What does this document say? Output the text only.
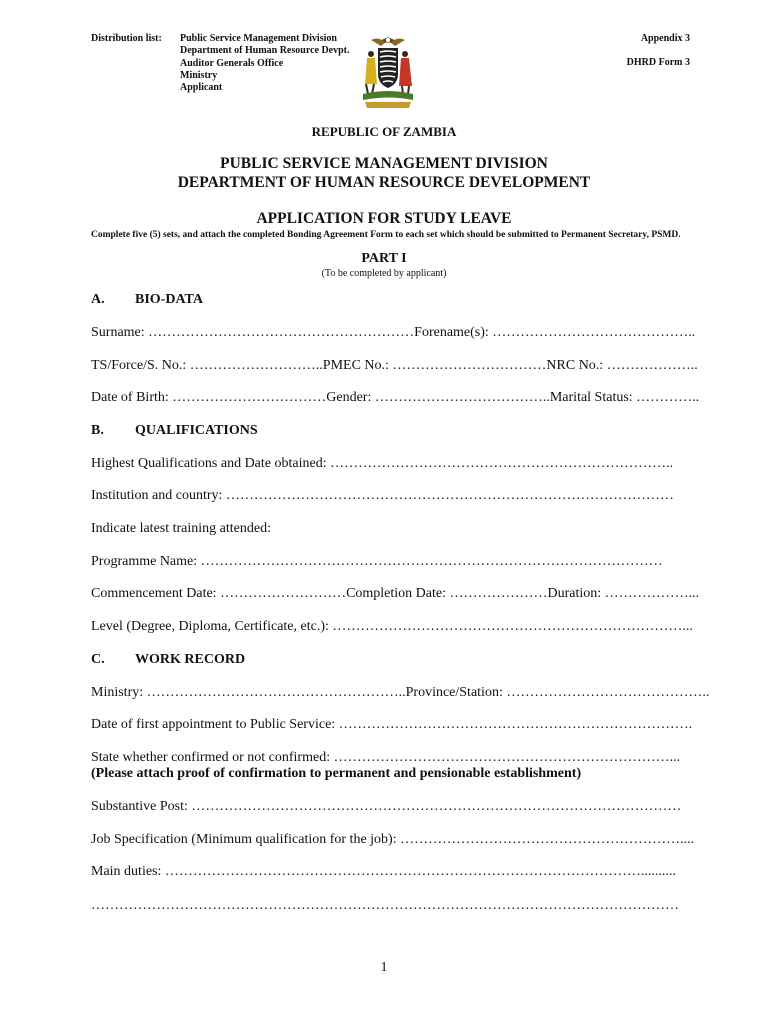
Distribution list: Public Service Management Division
Department of Human Resource Devpt.
Auditor Generals Office
Ministry
Applicant
Appendix 3
DHRD Form 3
REPUBLIC OF ZAMBIA
PUBLIC SERVICE MANAGEMENT DIVISION
DEPARTMENT OF HUMAN RESOURCE DEVELOPMENT
APPLICATION FOR STUDY LEAVE
Complete five (5) sets, and attach the completed Bonding Agreement Form to each set which should be submitted to Permanent Secretary, PSMD.
PART I
(To be completed by applicant)
A. BIO-DATA
Surname: …………………………………………………Forename(s): ……………………………………..
TS/Force/S. No.: ………………………..PMEC No.: ……………………………NRC No.: ………………..
Date of Birth: ……………………………Gender: ………………………………..Marital Status: …………..
B. QUALIFICATIONS
Highest Qualifications and Date obtained: ………………………………………………………………..
Institution and country: ……………………………………………………………………………………
Indicate latest training attended:
Programme Name: ………………………………………………………………………………………
Commencement Date: ………………………Completion Date: …………………Duration: ………………...
Level (Degree, Diploma, Certificate, etc.): …………………………………………………………………...
C. WORK RECORD
Ministry: ………………………………………………..Province/Station: ……………………………………..
Date of first appointment to Public Service: ………………………………………………………………….
State whether confirmed or not confirmed: ………………………………………………………………...
(Please attach proof of confirmation to permanent and pensionable establishment)
Substantive Post: ……………………………………………………………………………………………
Job Specification (Minimum qualification for the job): ……………………………………………………....
Main duties: …………………………………………………………………………………………..........
………………………………………………………………………………………………………………
1
